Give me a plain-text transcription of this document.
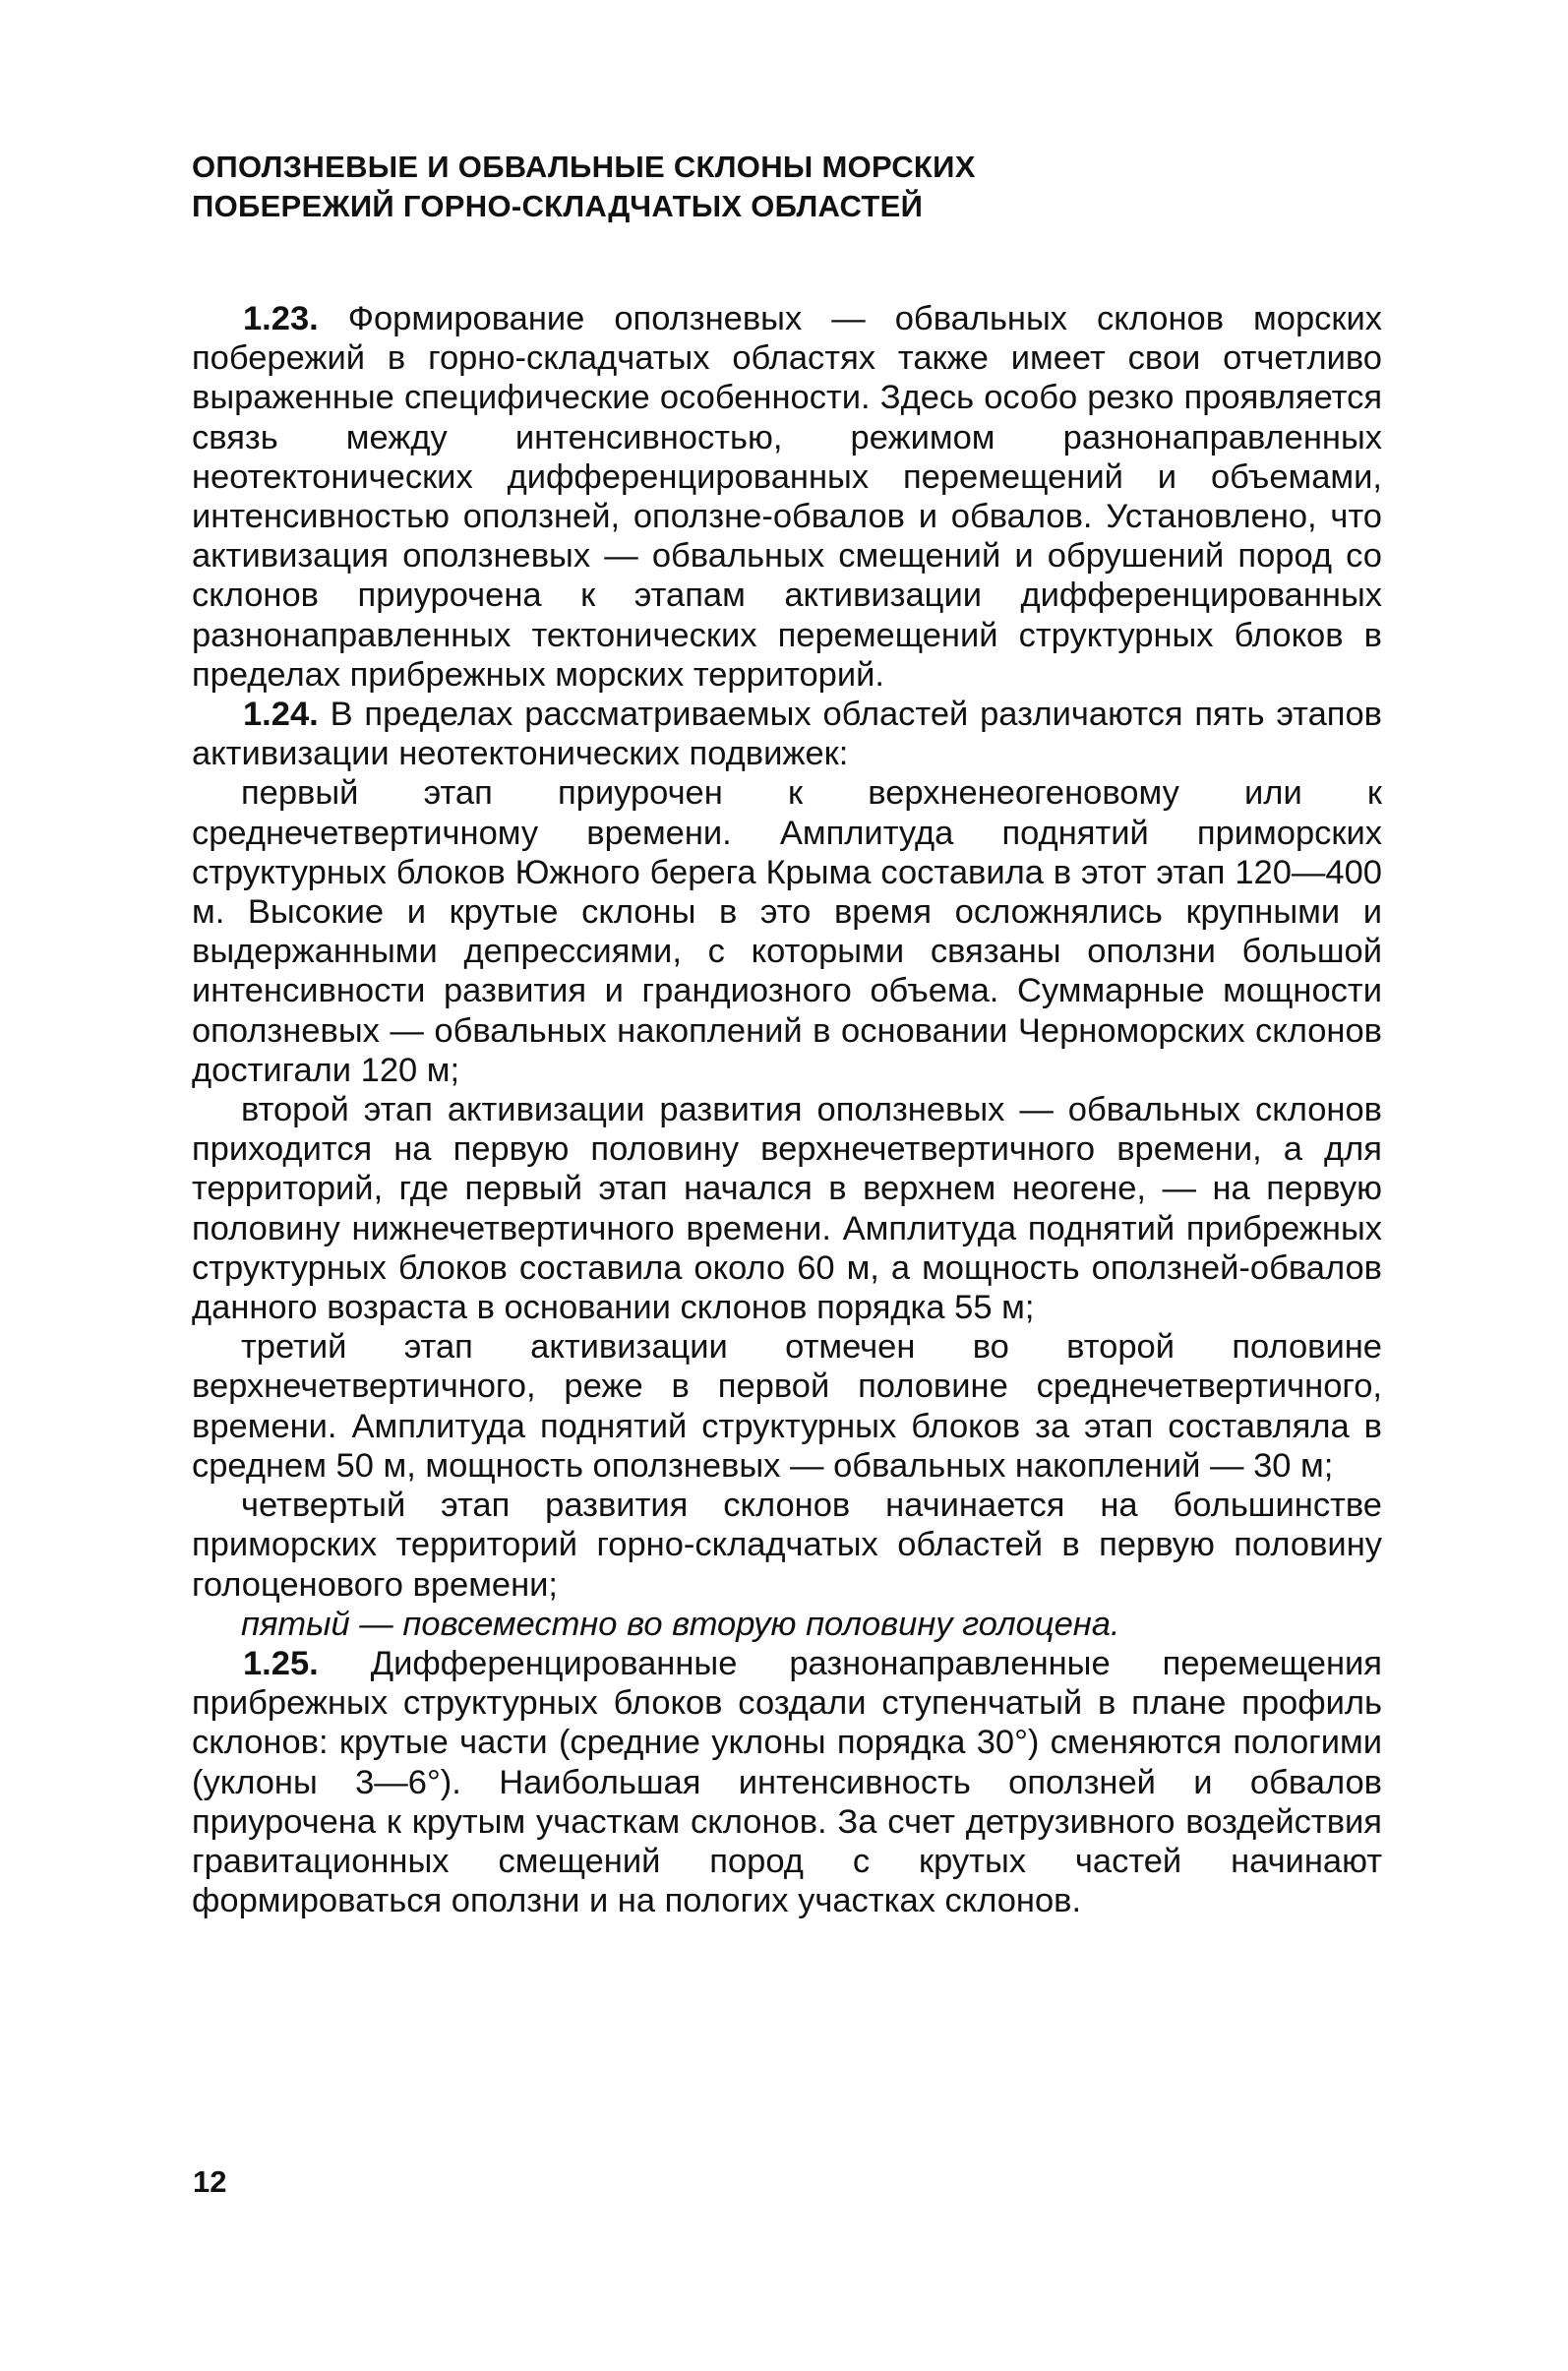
ОПОЛЗНЕВЫЕ И ОБВАЛЬНЫЕ СКЛОНЫ МОРСКИХ
ПОБЕРЕЖИЙ ГОРНО-СКЛАДЧАТЫХ ОБЛАСТЕЙ

1.23. Формирование оползневых — обвальных склонов морских побережий в горно-складчатых областях также имеет свои отчетливо выраженные специфические особенности. Здесь особо резко проявляется связь между интенсивностью, режимом разнонаправленных неотектонических дифференцированных перемещений и объемами, интенсивностью оползней, оползне-обвалов и обвалов. Установлено, что активизация оползневых — обвальных смещений и обрушений пород со склонов приурочена к этапам активизации дифференцированных разнонаправленных тектонических перемещений структурных блоков в пределах прибрежных морских территорий.

1.24. В пределах рассматриваемых областей различаются пять этапов активизации неотектонических подвижек:

первый этап приурочен к верхненеогеновому или к среднечетвертичному времени. Амплитуда поднятий приморских структурных блоков Южного берега Крыма составила в этот этап 120—400 м. Высокие и крутые склоны в это время осложнялись крупными и выдержанными депрессиями, с которыми связаны оползни большой интенсивности развития и грандиозного объема. Суммарные мощности оползневых — обвальных накоплений в основании Черноморских склонов достигали 120 м;

второй этап активизации развития оползневых — обвальных склонов приходится на первую половину верхнечетвертичного времени, а для территорий, где первый этап начался в верхнем неогене, — на первую половину нижнечетвертичного времени. Амплитуда поднятий прибрежных структурных блоков составила около 60 м, а мощность оползней-обвалов данного возраста в основании склонов порядка 55 м;

третий этап активизации отмечен во второй половине верхнечетвертичного, реже в первой половине среднечетвертичного, времени. Амплитуда поднятий структурных блоков за этап составляла в среднем 50 м, мощность оползневых — обвальных накоплений — 30 м;

четвертый этап развития склонов начинается на большинстве приморских территорий горно-складчатых областей в первую половину голоценового времени;

пятый — повсеместно во вторую половину голоцена.

1.25. Дифференцированные разнонаправленные перемещения прибрежных структурных блоков создали ступенчатый в плане профиль склонов: крутые части (средние уклоны порядка 30°) сменяются пологими (уклоны 3—6°). Наибольшая интенсивность оползней и обвалов приурочена к крутым участкам склонов. За счет детрузивного воздействия гравитационных смещений пород с крутых частей начинают формироваться оползни и на пологих участках склонов.

12
